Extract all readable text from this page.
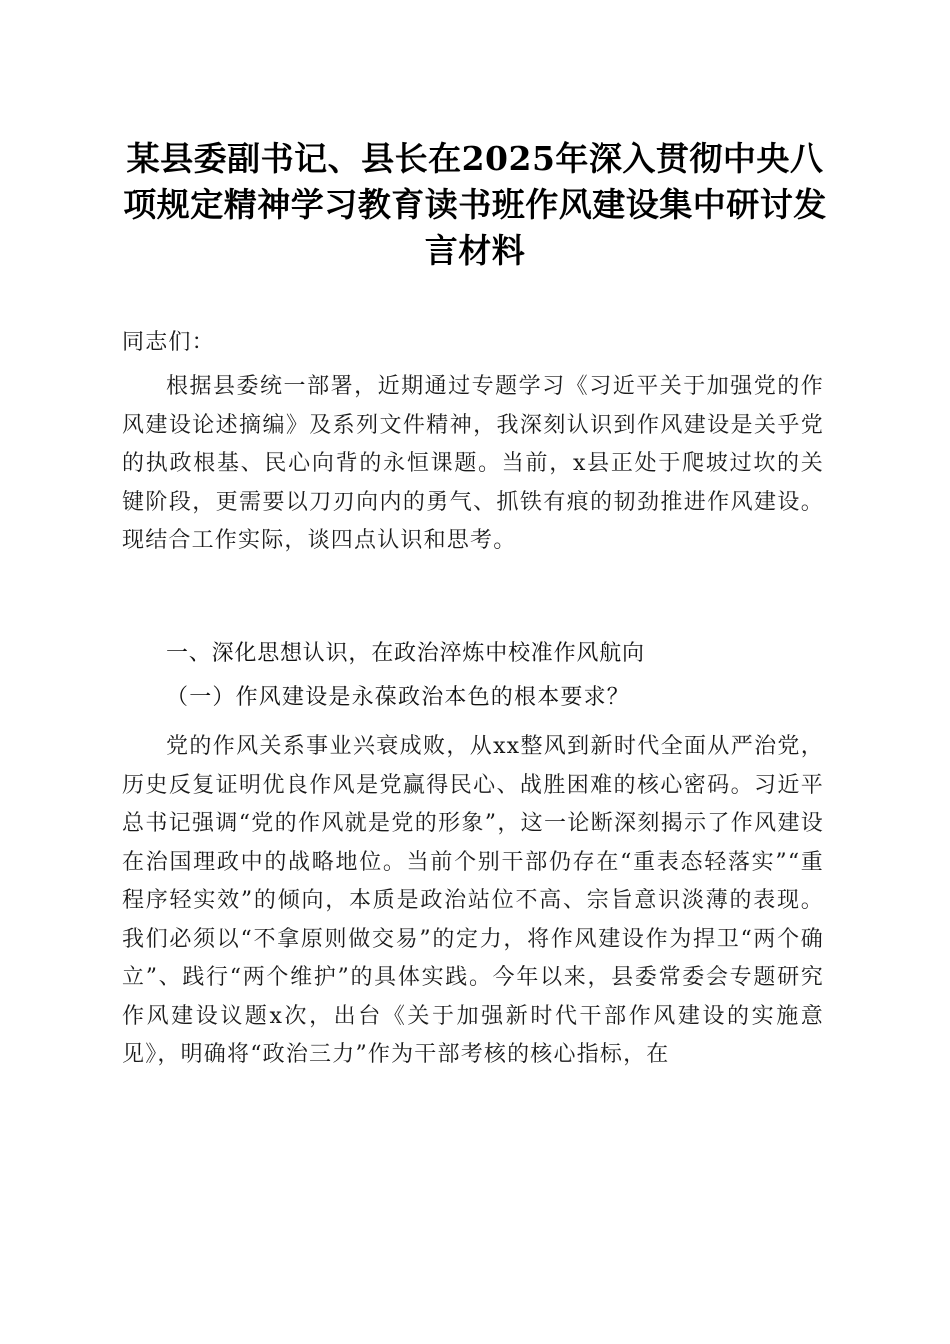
某县委副书记、县长在2025年深入贯彻中央八项规定精神学习教育读书班作风建设集中研讨发言材料

同志们：

根据县委统一部署，近期通过专题学习《习近平关于加强党的作风建设论述摘编》及系列文件精神，我深刻认识到作风建设是关乎党的执政根基、民心向背的永恒课题。当前，x县正处于爬坡过坎的关键阶段，更需要以刀刃向内的勇气、抓铁有痕的韧劲推进作风建设。现结合工作实际，谈四点认识和思考。

一、深化思想认识，在政治淬炼中校准作风航向
（一）作风建设是永葆政治本色的根本要求？

党的作风关系事业兴衰成败，从xx整风到新时代全面从严治党，历史反复证明优良作风是党赢得民心、战胜困难的核心密码。习近平总书记强调“党的作风就是党的形象”，这一论断深刻揭示了作风建设在治国理政中的战略地位。当前个别干部仍存在“重表态轻落实”“重程序轻实效”的倾向，本质是政治站位不高、宗旨意识淡薄的表现。我们必须以“不拿原则做交易”的定力，将作风建设作为捍卫“两个确立”、践行“两个维护”的具体实践。今年以来，县委常委会专题研究作风建设议题x次，出台《关于加强新时代干部作风建设的实施意见》，明确将“政治三力”作为干部考核的核心指标，在
